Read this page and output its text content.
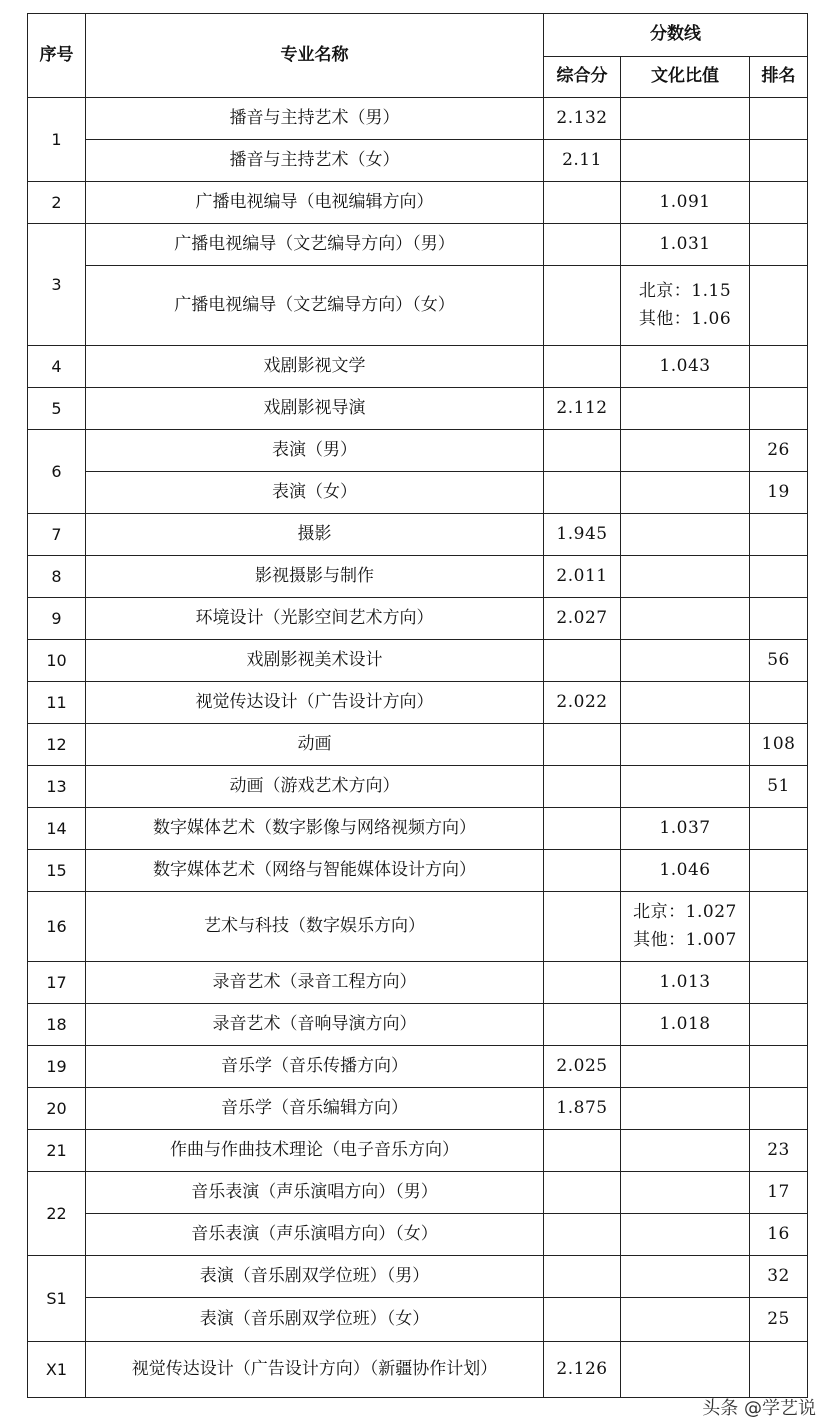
序号	专业名称	分数线		
		综合分	文化比值	排名
1	播音与主持艺术（男）	2.132		
	播音与主持艺术（女）	2.11		
2	广播电视编导（电视编辑方向）		1.091	
3	广播电视编导（文艺编导方向）（男）		1.031	
	广播电视编导（文艺编导方向）（女）		北京：1.15
其他：1.06	

4	戏剧影视文学		1.043	
5	戏剧影视导演	2.112		
6	表演（男）			26
	表演（女）			19
7	摄影	1.945		
8	影视摄影与制作	2.011		
9	环境设计（光影空间艺术方向）	2.027		
10	戏剧影视美术设计			56
11	视觉传达设计（广告设计方向）	2.022		
12	动画			108
13	动画（游戏艺术方向）			51
14	数字媒体艺术（数字影像与网络视频方向）		1.037	
15	数字媒体艺术（网络与智能媒体设计方向）		1.046	
16	艺术与科技（数字娱乐方向）		北京：1.027
其他：1.007	

17	录音艺术（录音工程方向）		1.013	
18	录音艺术（音响导演方向）		1.018	
19	音乐学（音乐传播方向）	2.025		
20	音乐学（音乐编辑方向）	1.875		
21	作曲与作曲技术理论（电子音乐方向）			23
22	音乐表演（声乐演唱方向）（男）			17
	音乐表演（声乐演唱方向）（女）			16
S1	表演（音乐剧双学位班）（男）			32
	表演（音乐剧双学位班）（女）			25
X1	视觉传达设计（广告设计方向）（新疆协作计划）	2.126		
头条 @学艺说
